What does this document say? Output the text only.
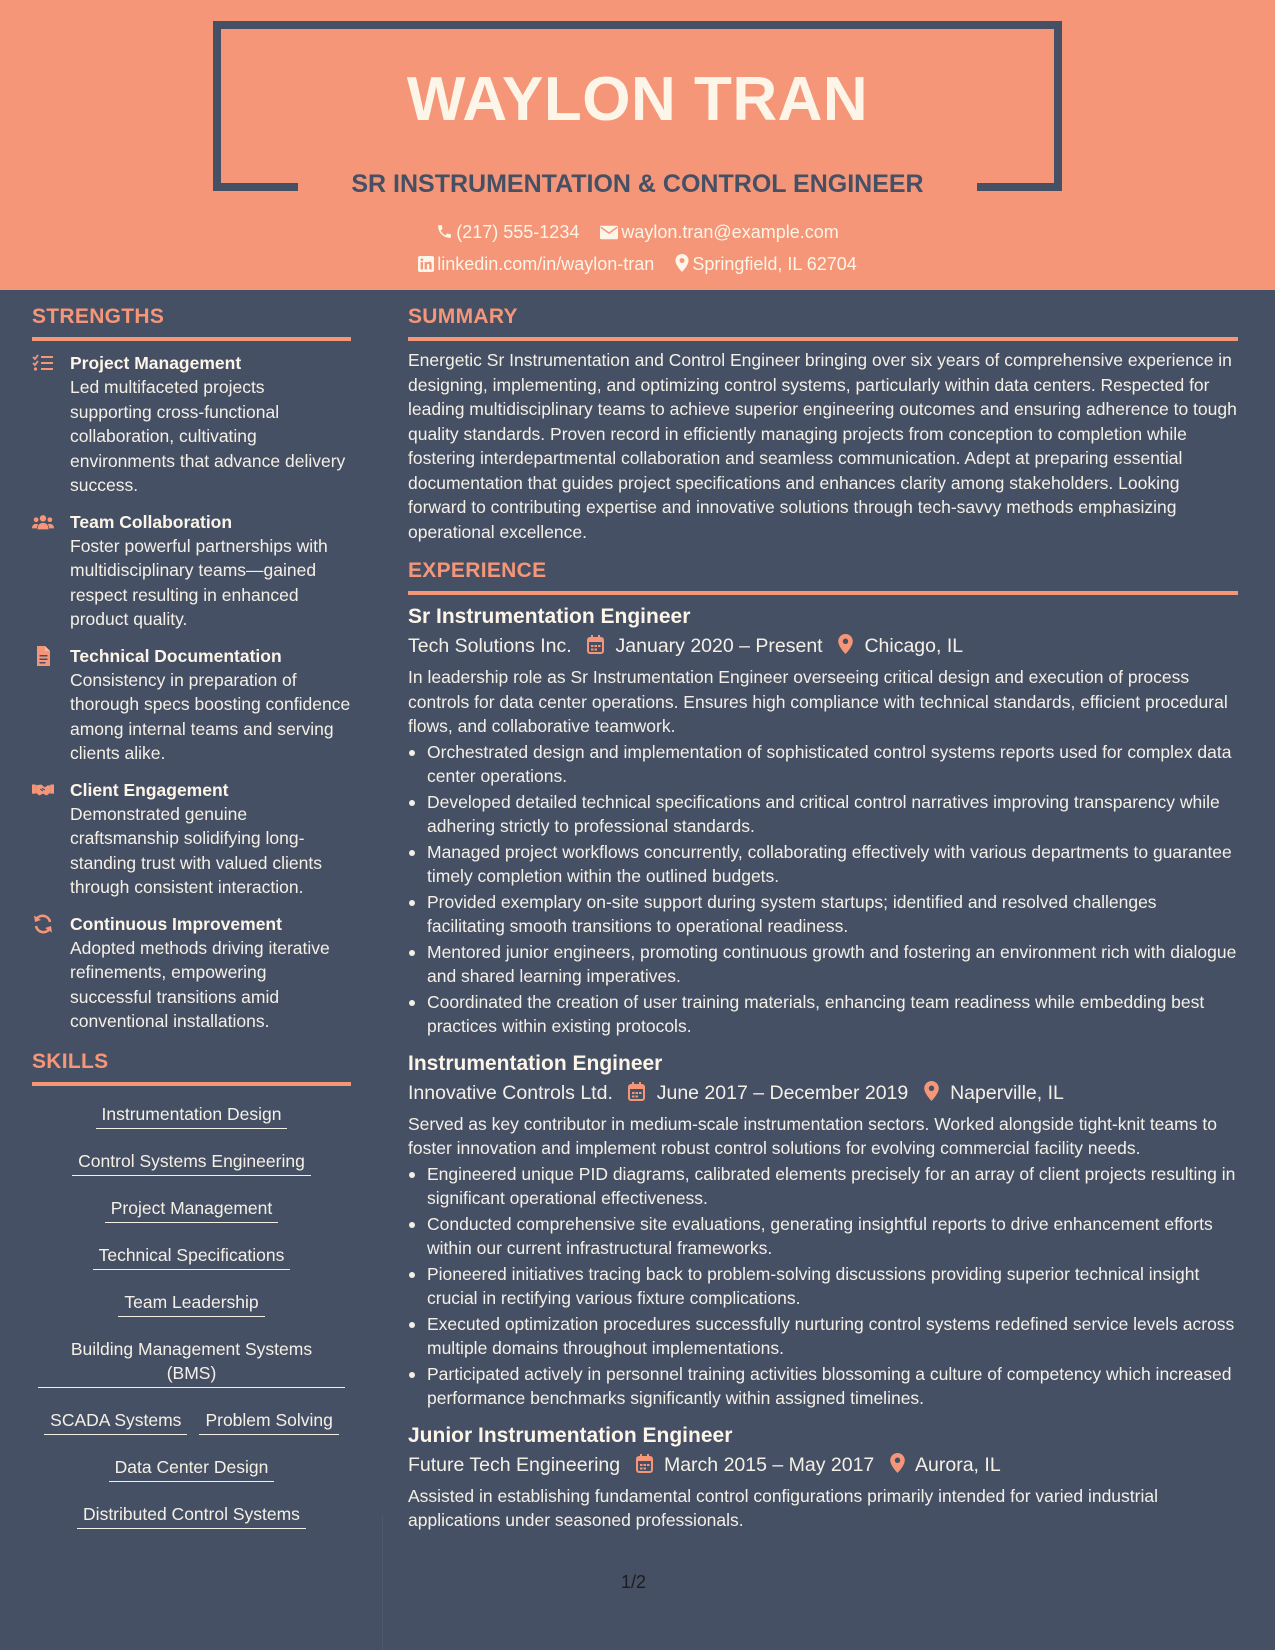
WAYLON TRAN
SR INSTRUMENTATION & CONTROL ENGINEER
(217) 555-1234 waylon.tran@example.com
linkedin.com/in/waylon-tran Springfield, IL 62704
STRENGTHS
Project Management
Led multifaceted projects supporting cross-functional collaboration, cultivating environments that advance delivery success.
Team Collaboration
Foster powerful partnerships with multidisciplinary teams—gained respect resulting in enhanced product quality.
Technical Documentation
Consistency in preparation of thorough specs boosting confidence among internal teams and serving clients alike.
Client Engagement
Demonstrated genuine craftsmanship solidifying long-standing trust with valued clients through consistent interaction.
Continuous Improvement
Adopted methods driving iterative refinements, empowering successful transitions amid conventional installations.
SKILLS
Instrumentation Design Control Systems Engineering Project Management Technical Specifications Team Leadership
Building Management Systems (BMS)
SCADA Systems Problem Solving Data Center Design Distributed Control Systems
SUMMARY

Energetic Sr Instrumentation and Control Engineer bringing over six years of comprehensive experience in designing, implementing, and optimizing control systems, particularly within data centers. Respected for leading multidisciplinary teams to achieve superior engineering outcomes and ensuring adherence to tough quality standards. Proven record in efficiently managing projects from conception to completion while fostering interdepartmental collaboration and seamless communication. Adept at preparing essential documentation that guides project specifications and enhances clarity among stakeholders. Looking forward to contributing expertise and innovative solutions through tech-savvy methods emphasizing operational excellence.

EXPERIENCE
Sr Instrumentation Engineer
Tech Solutions Inc. January 2020 – Present Chicago, IL

In leadership role as Sr Instrumentation Engineer overseeing critical design and execution of process controls for data center operations. Ensures high compliance with technical standards, efficient procedural flows, and collaborative teamwork.

Orchestrated design and implementation of sophisticated control systems reports used for complex data center operations.
Developed detailed technical specifications and critical control narratives improving transparency while adhering strictly to professional standards.
Managed project workflows concurrently, collaborating effectively with various departments to guarantee timely completion within the outlined budgets.
Provided exemplary on-site support during system startups; identified and resolved challenges facilitating smooth transitions to operational readiness.
Mentored junior engineers, promoting continuous growth and fostering an environment rich with dialogue and shared learning imperatives.
Coordinated the creation of user training materials, enhancing team readiness while embedding best practices within existing protocols.
Instrumentation Engineer
Innovative Controls Ltd. June 2017 – December 2019 Naperville, IL

Served as key contributor in medium-scale instrumentation sectors. Worked alongside tight-knit teams to foster innovation and implement robust control solutions for evolving commercial facility needs.

Engineered unique PID diagrams, calibrated elements precisely for an array of client projects resulting in significant operational effectiveness.
Conducted comprehensive site evaluations, generating insightful reports to drive enhancement efforts within our current infrastructural frameworks.
Pioneered initiatives tracing back to problem-solving discussions providing superior technical insight crucial in rectifying various fixture complications.
Executed optimization procedures successfully nurturing control systems redefined service levels across multiple domains throughout implementations.
Participated actively in personnel training activities blossoming a culture of competency which increased performance benchmarks significantly within assigned timelines.
Junior Instrumentation Engineer
Future Tech Engineering March 2015 – May 2017 Aurora, IL

Assisted in establishing fundamental control configurations primarily intended for varied industrial applications under seasoned professionals.

1/2
